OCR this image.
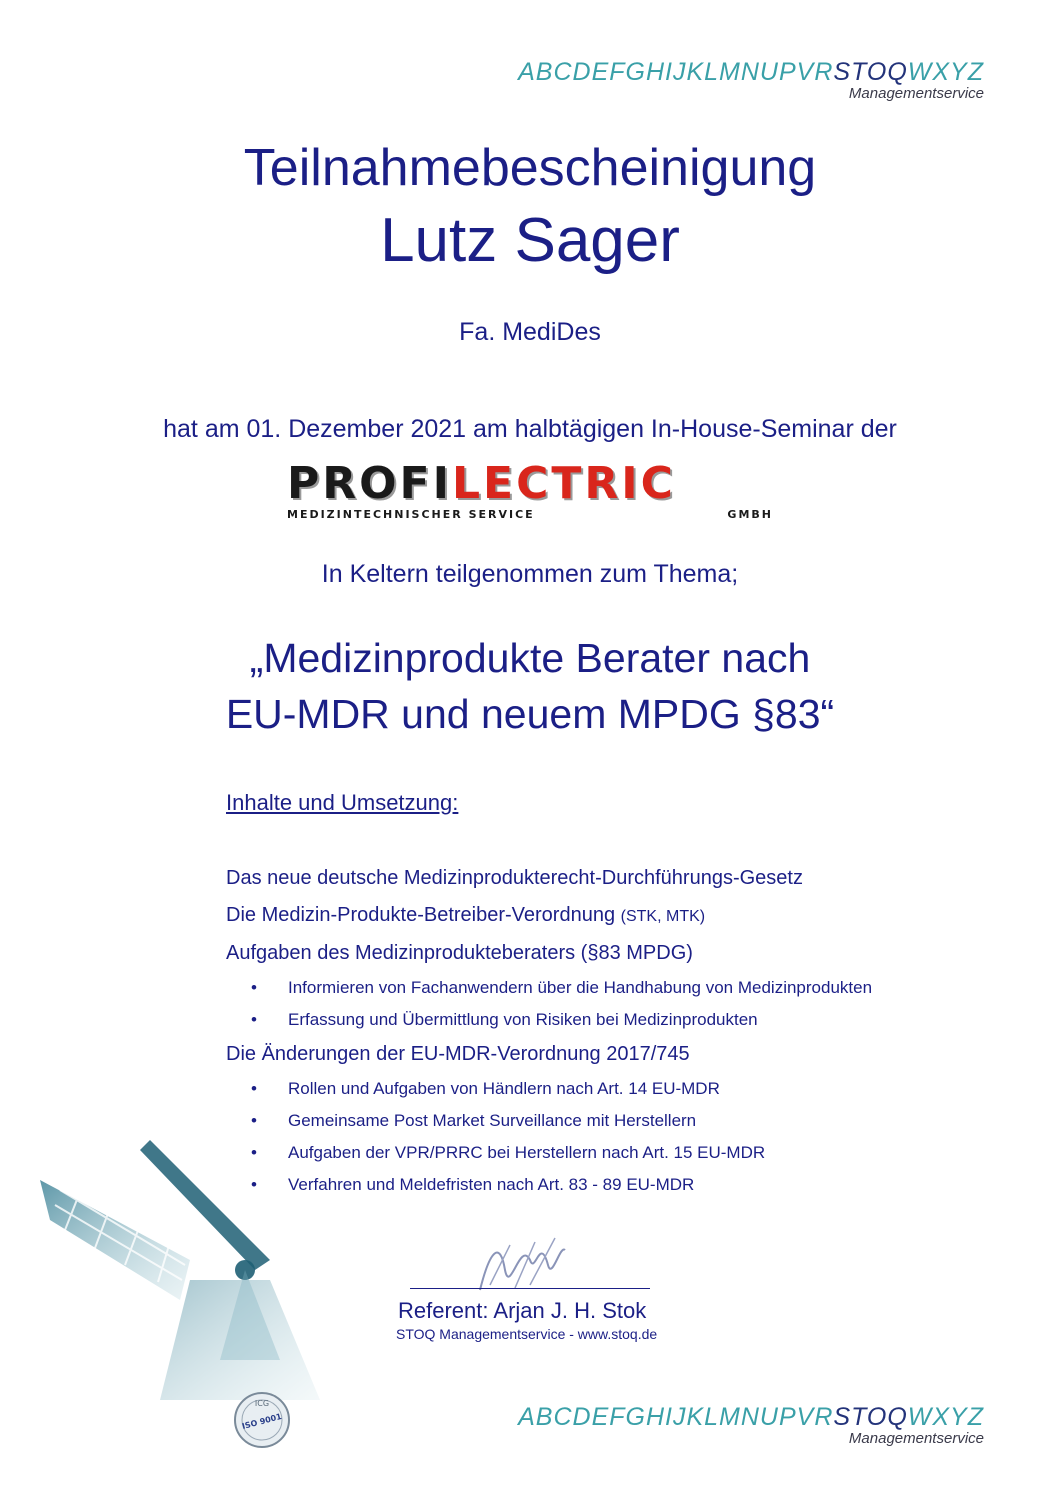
ABCDEFGHIJKLMNUPVRSTOQWXYZ
Managementservice
Teilnahmebescheinigung
Lutz Sager
Fa. MediDes
hat am 01. Dezember 2021 am halbtägigen In-House-Seminar der
PROFILECTRIC
MEDIZINTECHNISCHER SERVICE	GMBH
In Keltern teilgenommen zum Thema;
„Medizinprodukte Berater nach
EU-MDR und neuem MPDG §83“
Inhalte und Umsetzung:
Das neue deutsche Medizinprodukterecht-Durchführungs-Gesetz
Die Medizin-Produkte-Betreiber-Verordnung (STK, MTK)
Aufgaben des Medizinprodukteberaters (§83 MPDG)
• Informieren von Fachanwendern über die Handhabung von Medizinprodukten
• Erfassung und Übermittlung von Risiken bei Medizinprodukten
Die Änderungen der EU-MDR-Verordnung 2017/745
• Rollen und Aufgaben von Händlern nach Art. 14 EU-MDR
• Gemeinsame Post Market Surveillance mit Herstellern
• Aufgaben der VPR/PRRC bei Herstellern nach Art. 15 EU-MDR
• Verfahren und Meldefristen nach Art. 83 - 89 EU-MDR
ICG
ISO 9001
Referent: Arjan J. H. Stok
STOQ Managementservice - www.stoq.de
ABCDEFGHIJKLMNUPVRSTOQWXYZ
Managementservice
